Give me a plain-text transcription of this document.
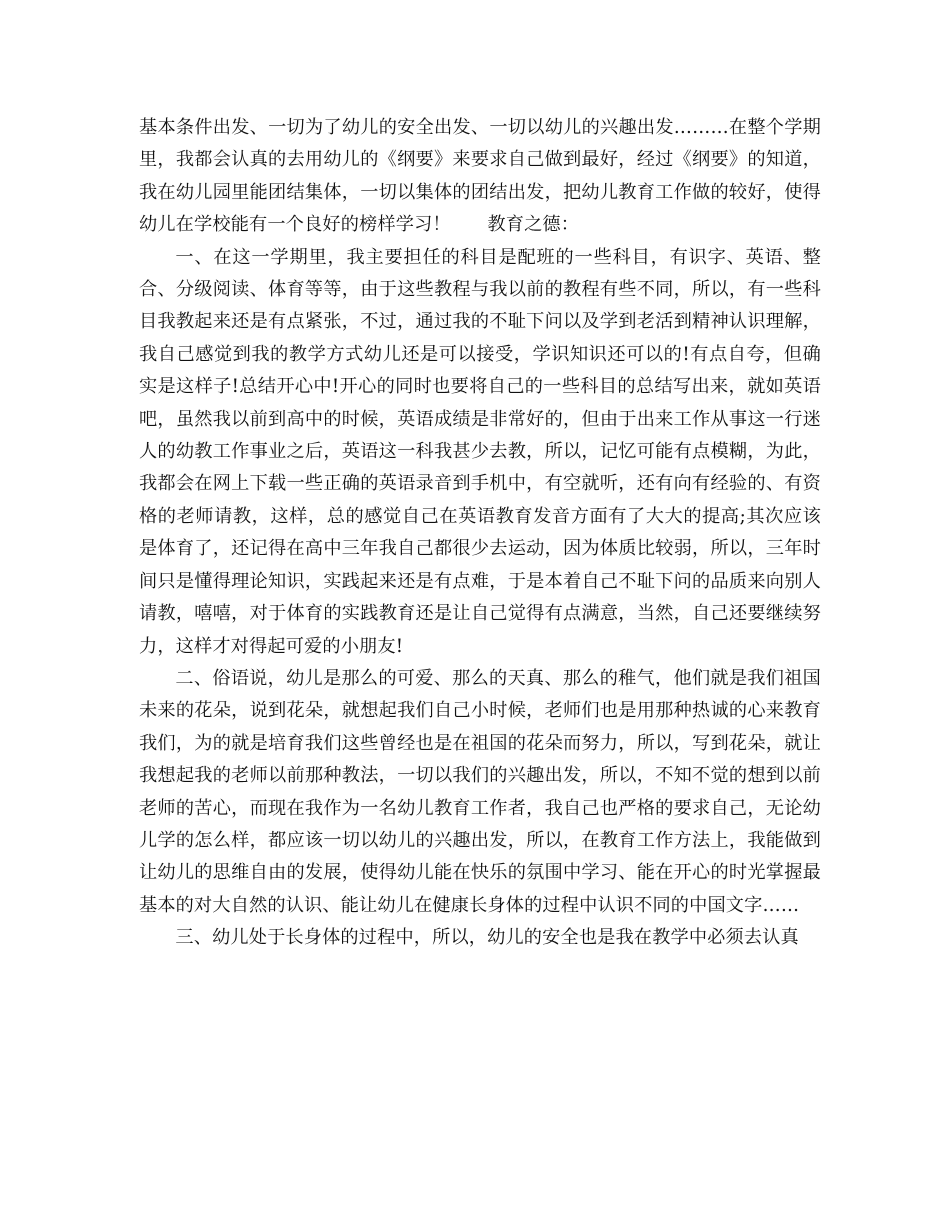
基本条件出发、一切为了幼儿的安全出发、一切以幼儿的兴趣出发………在整个学期里，我都会认真的去用幼儿的《纲要》来要求自己做到最好，经过《纲要》的知道，我在幼儿园里能团结集体，一切以集体的团结出发，把幼儿教育工作做的较好，使得幼儿在学校能有一个良好的榜样学习！　　教育之德：

一、在这一学期里，我主要担任的科目是配班的一些科目，有识字、英语、整合、分级阅读、体育等等，由于这些教程与我以前的教程有些不同，所以，有一些科目我教起来还是有点紧张，不过，通过我的不耻下问以及学到老活到精神认识理解，我自己感觉到我的教学方式幼儿还是可以接受，学识知识还可以的!有点自夸，但确实是这样子!总结开心中!开心的同时也要将自己的一些科目的总结写出来，就如英语吧，虽然我以前到高中的时候，英语成绩是非常好的，但由于出来工作从事这一行迷人的幼教工作事业之后，英语这一科我甚少去教，所以，记忆可能有点模糊，为此，我都会在网上下载一些正确的英语录音到手机中，有空就听，还有向有经验的、有资格的老师请教，这样，总的感觉自己在英语教育发音方面有了大大的提高;其次应该是体育了，还记得在高中三年我自己都很少去运动，因为体质比较弱，所以，三年时间只是懂得理论知识，实践起来还是有点难，于是本着自己不耻下问的品质来向别人请教，嘻嘻，对于体育的实践教育还是让自己觉得有点满意，当然，自己还要继续努力，这样才对得起可爱的小朋友!

二、俗语说，幼儿是那么的可爱、那么的天真、那么的稚气，他们就是我们祖国未来的花朵，说到花朵，就想起我们自己小时候，老师们也是用那种热诚的心来教育我们，为的就是培育我们这些曾经也是在祖国的花朵而努力，所以，写到花朵，就让我想起我的老师以前那种教法，一切以我们的兴趣出发，所以，不知不觉的想到以前老师的苦心，而现在我作为一名幼儿教育工作者，我自己也严格的要求自己，无论幼儿学的怎么样，都应该一切以幼儿的兴趣出发，所以，在教育工作方法上，我能做到让幼儿的思维自由的发展，使得幼儿能在快乐的氛围中学习、能在开心的时光掌握最基本的对大自然的认识、能让幼儿在健康长身体的过程中认识不同的中国文字……

三、幼儿处于长身体的过程中，所以，幼儿的安全也是我在教学中必须去认真
